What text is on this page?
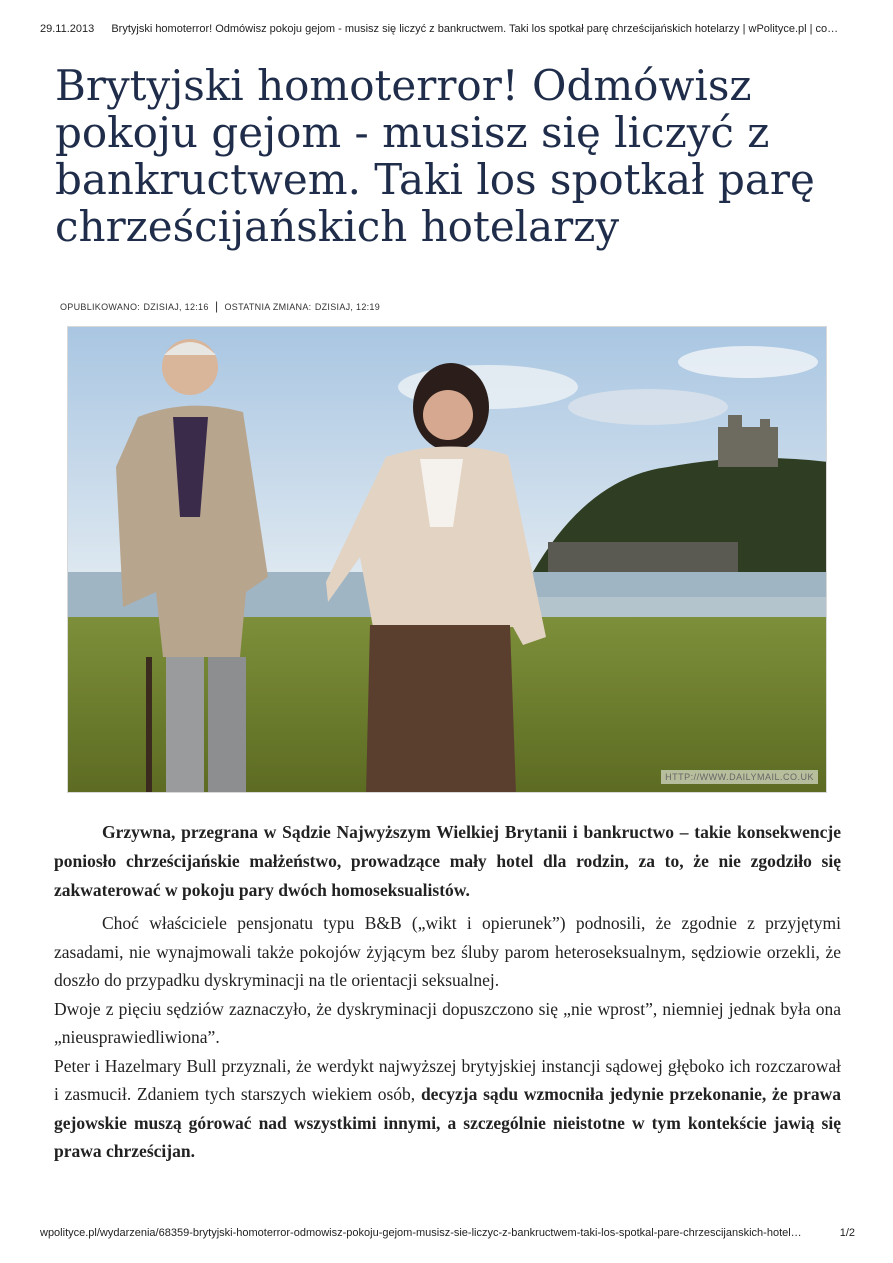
29.11.2013 Brytyjski homoterror! Odmówisz pokoju gejom - musisz się liczyć z bankructwem. Taki los spotkał parę chrześcijańskich hotelarzy | wPolityce.pl | co…
Brytyjski homoterror! Odmówisz pokoju gejom - musisz się liczyć z bankructwem. Taki los spotkał parę chrześcijańskich hotelarzy
OPUBLIKOWANO: DZISIAJ, 12:16 | OSTATNIA ZMIANA: DZISIAJ, 12:19
HTTP://WWW.DAILYMAIL.CO.UK

Grzywna, przegrana w Sądzie Najwyższym Wielkiej Brytanii i bankructwo – takie konsekwencje poniosło chrześcijańskie małżeństwo, prowadzące mały hotel dla rodzin, za to, że nie zgodziło się zakwaterować w pokoju pary dwóch homoseksualistów.

Choć właściciele pensjonatu typu B&B („wikt i opierunek”) podnosili, że zgodnie z przyjętymi zasadami, nie wynajmowali także pokojów żyjącym bez śluby parom heteroseksualnym, sędziowie orzekli, że doszło do przypadku dyskryminacji na tle orientacji seksualnej.

Dwoje z pięciu sędziów zaznaczyło, że dyskryminacji dopuszczono się „nie wprost”, niemniej jednak była ona „nieusprawiedliwiona”.

Peter i Hazelmary Bull przyznali, że werdykt najwyższej brytyjskiej instancji sądowej głęboko ich rozczarował i zasmucił. Zdaniem tych starszych wiekiem osób, decyzja sądu wzmocniła jedynie przekonanie, że prawa gejowskie muszą górować nad wszystkimi innymi, a szczególnie nieistotne w tym kontekście jawią się prawa chrześcijan.

wpolityce.pl/wydarzenia/68359-brytyjski-homoterror-odmowisz-pokoju-gejom-musisz-sie-liczyc-z-bankructwem-taki-los-spotkal-pare-chrzescijanskich-hotel…	1/2
